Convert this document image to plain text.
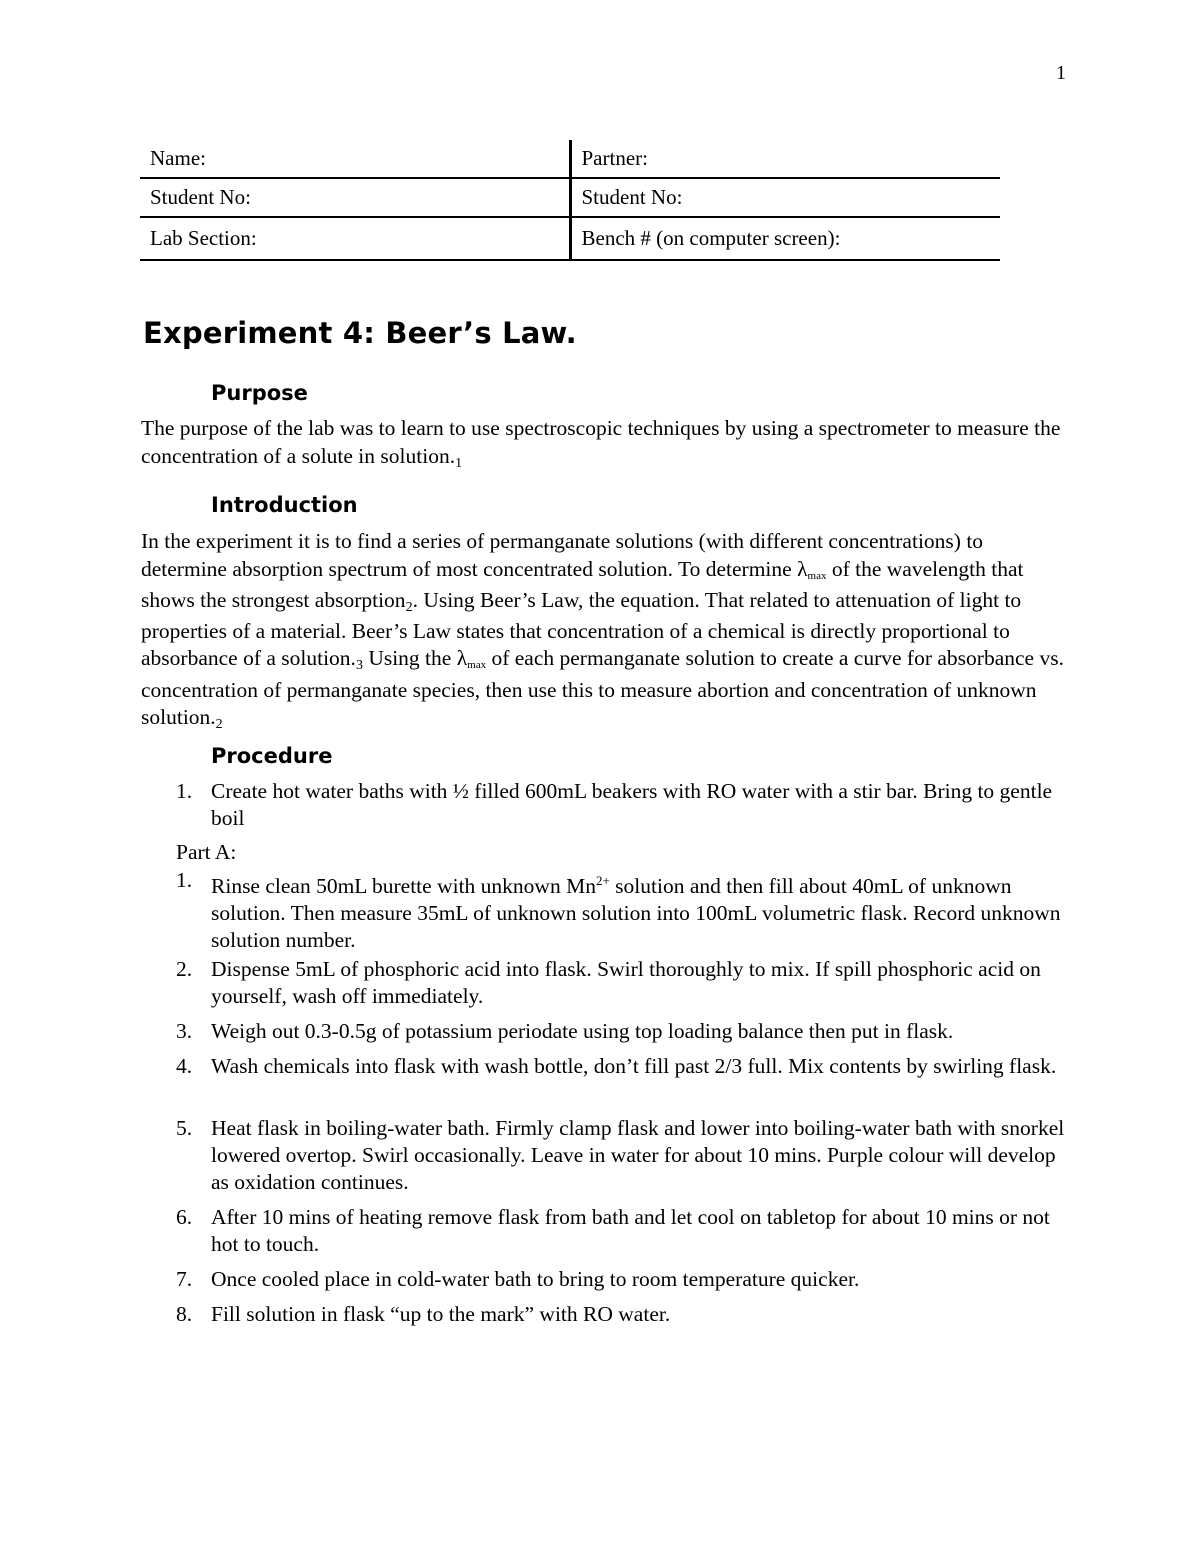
1
Name:	Partner:
Student No:	Student No:
Lab Section:	Bench # (on computer screen):
Experiment 4: Beer’s Law.
Purpose

The purpose of the lab was to learn to use spectroscopic techniques by using a spectrometer to measure the concentration of a solute in $solution._1$

Introduction

In the experiment it is to find a series of permanganate solutions (with different concentrations) to determine absorption spectrum of most concentrated solution. To determine $\lambda_{max}$ of the wavelength that shows the strongest absorption$_2$. Using Beer’s Law, the equation. That related to attenuation of light to properties of a material. Beer’s Law states that concentration of a chemical is directly proportional to absorbance of a $solution._3$ Using the $\lambda_{max}$ of each permanganate solution to create a curve for absorbance vs. concentration of permanganate species, then use this to measure abortion and concentration of unknown $solution._2$

Procedure
1. Create hot water baths with ½ filled 600mL beakers with RO water with a stir bar. Bring to gentle boil

Part A:

1. Rinse clean 50mL burette with unknown $Mn^{2+}$ solution and then fill about 40mL of unknown solution. Then measure 35mL of unknown solution into 100mL volumetric flask. Record unknown solution number.
2. Dispense 5mL of phosphoric acid into flask. Swirl thoroughly to mix. If spill phosphoric acid on yourself, wash off immediately.
3. Weigh out 0.3-0.5g of potassium periodate using top loading balance then put in flask.
4. Wash chemicals into flask with wash bottle, don’t fill past 2/3 full. Mix contents by swirling flask.
5. Heat flask in boiling-water bath. Firmly clamp flask and lower into boiling-water bath with snorkel lowered overtop. Swirl occasionally. Leave in water for about 10 mins. Purple colour will develop as oxidation continues.
6. After 10 mins of heating remove flask from bath and let cool on tabletop for about 10 mins or not hot to touch.
7. Once cooled place in cold-water bath to bring to room temperature quicker.
8. Fill solution in flask “up to the mark” with RO water.
